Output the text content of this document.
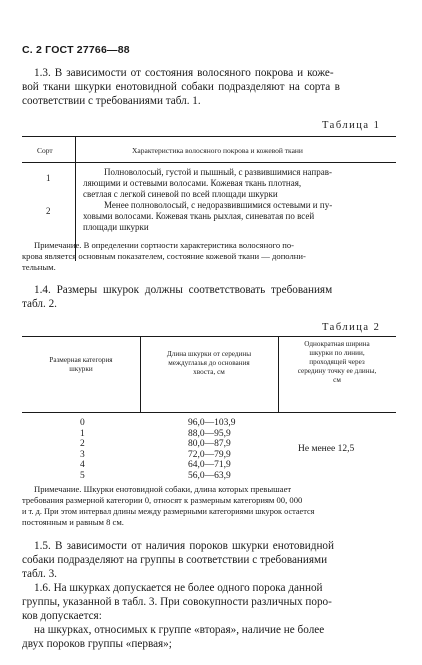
С. 2 ГОСТ 27766—88
1.3. В зависимости от состояния волосяного покрова и коже-
вой ткани шкурки енотовидной собаки подразделяют на сорта в
соответствии с требованиями табл. 1.
Таблица 1
Сорт	Характеристика волосяного покрова и кожевой ткани
1
Полноволосый, густой и пышный, с развившимися направ-
ляющими и остевыми волосами. Кожевая ткань плотная,
светлая с легкой синевой по всей площади шкурки
2
Менее полноволосый, с недоразвившимися остевыми и пу-
ховыми волосами. Кожевая ткань рыхлая, синеватая по всей
площади шкурки
Примечание. В определении сортности характеристика волосяного по-
крова является основным показателем, состояние кожевой ткани — дополни-
тельным.
1.4. Размеры шкурок должны соответствовать требованиям
табл. 2.
Таблица 2
Размерная категория
шкурки
Длина шкурки от середины
междуглазья до основания
хвоста, см
Однократная ширина
шкурки по линии,
проходящей через
середину точку ее длины,
см
0
1
2
3
4
5
96,0—103,9
88,0—95,9
80,0—87,9
72,0—79,9
64,0—71,9
56,0—63,9
Не менее 12,5
Примечание. Шкурки енотовидной собаки, длина которых превышает
требования размерной категории 0, относят к размерным категориям 00, 000
и т. д. При этом интервал длины между размерными категориями шкурок остается
постоянным и равным 8 см.
1.5. В зависимости от наличия пороков шкурки енотовидной
собаки подразделяют на группы в соответствии с требованиями
табл. 3.
1.6. На шкурках допускается не более одного порока данной
группы, указанной в табл. 3. При совокупности различных поро-
ков допускается:
на шкурках, относимых к группе «вторая», наличие не более
двух пороков группы «первая»;
